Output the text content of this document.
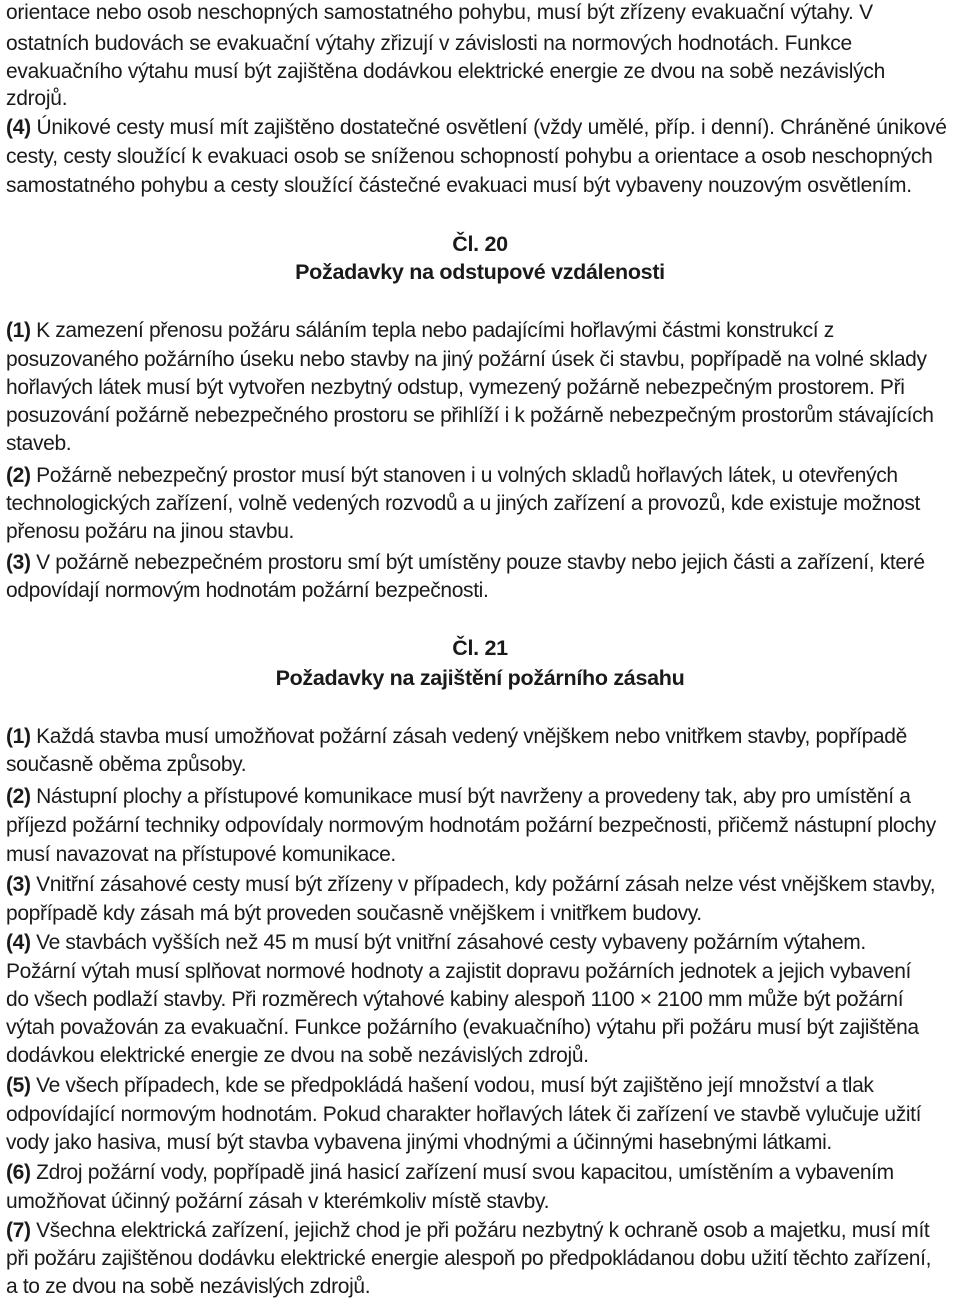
orientace nebo osob neschopných samostatného pohybu, musí být zřízeny evakuační výtahy. V
ostatních budovách se evakuační výtahy zřizují v závislosti na normových hodnotách. Funkce
evakuačního výtahu musí být zajištěna dodávkou elektrické energie ze dvou na sobě nezávislých
zdrojů.
(4) Únikové cesty musí mít zajištěno dostatečné osvětlení (vždy umělé, příp. i denní). Chráněné únikové
cesty, cesty sloužící k evakuaci osob se sníženou schopností pohybu a orientace a osob neschopných
samostatného pohybu a cesty sloužící částečné evakuaci musí být vybaveny nouzovým osvětlením.
Čl. 20
Požadavky na odstupové vzdálenosti
(1) K zamezení přenosu požáru sáláním tepla nebo padajícími hořlavými částmi konstrukcí z
posuzovaného požárního úseku nebo stavby na jiný požární úsek či stavbu, popřípadě na volné sklady
hořlavých látek musí být vytvořen nezbytný odstup, vymezený požárně nebezpečným prostorem. Při
posuzování požárně nebezpečného prostoru se přihlíží i k požárně nebezpečným prostorům stávajících
staveb.
(2) Požárně nebezpečný prostor musí být stanoven i u volných skladů hořlavých látek, u otevřených
technologických zařízení, volně vedených rozvodů a u jiných zařízení a provozů, kde existuje možnost
přenosu požáru na jinou stavbu.
(3) V požárně nebezpečném prostoru smí být umístěny pouze stavby nebo jejich části a zařízení, které
odpovídají normovým hodnotám požární bezpečnosti.
Čl. 21
Požadavky na zajištění požárního zásahu
(1) Každá stavba musí umožňovat požární zásah vedený vnějškem nebo vnitřkem stavby, popřípadě
současně oběma způsoby.
(2) Nástupní plochy a přístupové komunikace musí být navrženy a provedeny tak, aby pro umístění a
příjezd požární techniky odpovídaly normovým hodnotám požární bezpečnosti, přičemž nástupní plochy
musí navazovat na přístupové komunikace.
(3) Vnitřní zásahové cesty musí být zřízeny v případech, kdy požární zásah nelze vést vnějškem stavby,
popřípadě kdy zásah má být proveden současně vnějškem i vnitřkem budovy.
(4) Ve stavbách vyšších než 45 m musí být vnitřní zásahové cesty vybaveny požárním výtahem.
Požární výtah musí splňovat normové hodnoty a zajistit dopravu požárních jednotek a jejich vybavení
do všech podlaží stavby. Při rozměrech výtahové kabiny alespoň 1100 × 2100 mm může být požární
výtah považován za evakuační. Funkce požárního (evakuačního) výtahu při požáru musí být zajištěna
dodávkou elektrické energie ze dvou na sobě nezávislých zdrojů.
(5) Ve všech případech, kde se předpokládá hašení vodou, musí být zajištěno její množství a tlak
odpovídající normovým hodnotám. Pokud charakter hořlavých látek či zařízení ve stavbě vylučuje užití
vody jako hasiva, musí být stavba vybavena jinými vhodnými a účinnými hasebnými látkami.
(6) Zdroj požární vody, popřípadě jiná hasicí zařízení musí svou kapacitou, umístěním a vybavením
umožňovat účinný požární zásah v kterémkoliv místě stavby.
(7) Všechna elektrická zařízení, jejichž chod je při požáru nezbytný k ochraně osob a majetku, musí mít
při požáru zajištěnou dodávku elektrické energie alespoň po předpokládanou dobu užití těchto zařízení,
a to ze dvou na sobě nezávislých zdrojů.
